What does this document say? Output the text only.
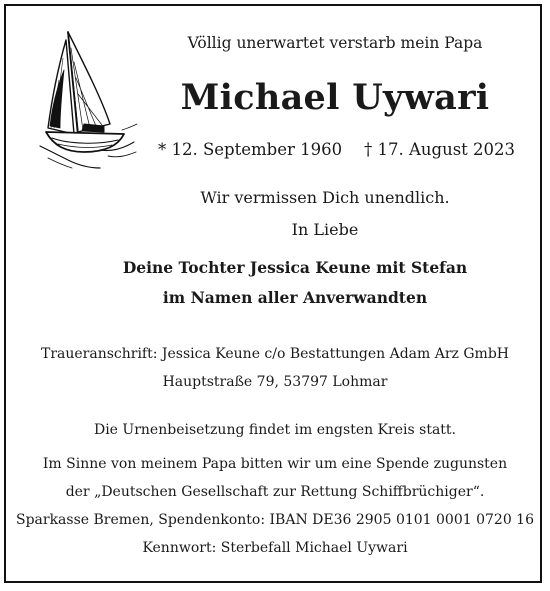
Völlig unerwartet verstarb mein Papa
Michael Uywari
* 12. September 1960 † 17. August 2023
Wir vermissen Dich unendlich.
In Liebe
Deine Tochter Jessica Keune mit Stefan
im Namen aller Anverwandten
Traueranschrift: Jessica Keune c/o Bestattungen Adam Arz GmbH
Hauptstraße 79, 53797 Lohmar
Die Urnenbeisetzung findet im engsten Kreis statt.
Im Sinne von meinem Papa bitten wir um eine Spende zugunsten
der „Deutschen Gesellschaft zur Rettung Schiffbrüchiger“.
Sparkasse Bremen, Spendenkonto: IBAN DE36 2905 0101 0001 0720 16
Kennwort: Sterbefall Michael Uywari
